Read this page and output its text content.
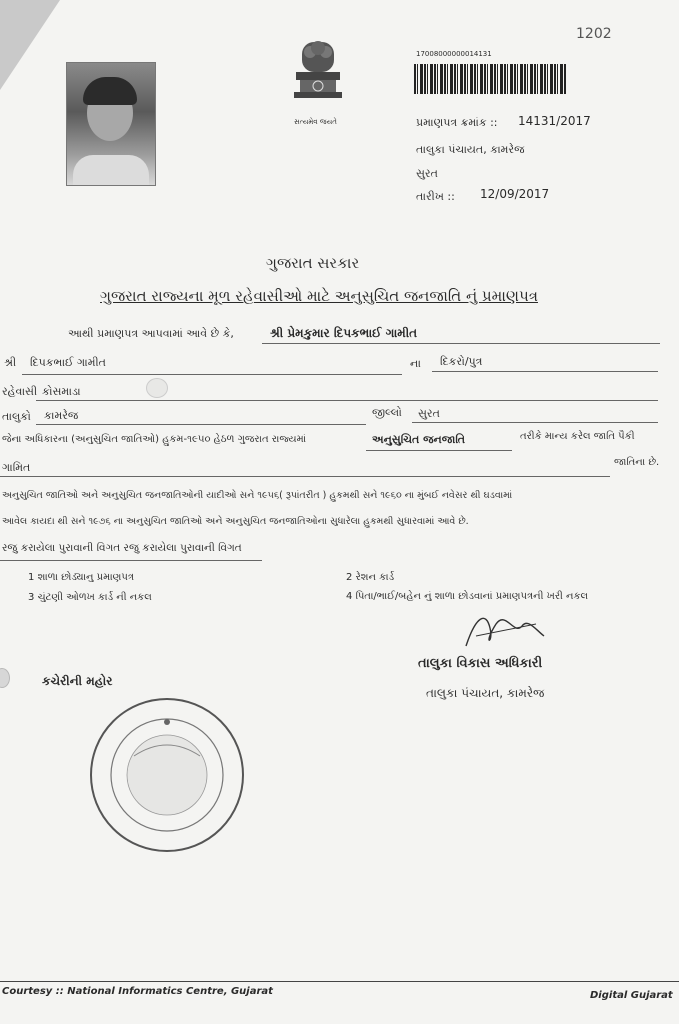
સત્યમેવ જયતે
1202
17008000000014131
પ્રમાણપત્ર ક્રમાંક :: 14131/2017
તાલુકા પંચાયત, કામરેજ
સુરત
તારીખ :: 12/09/2017
ગુજરાત સરકાર
ગુજરાત રાજ્યના મૂળ રહેવાસીઓ માટે અનુસુચિત જનજાતિ નું પ્રમાણપત્ર
આથી પ્રમાણપત્ર આપવામાં આવે છે કે,	શ્રી પ્રેમકુમાર દિપકભાઈ ગામીત
શ્રી દિપકભાઈ ગામીત	ના દિકરો/પુત્ર
રહેવાસી કોસમાડા
તાલુકો કામરેજ	જીલ્લો સુરત
જેના અધિકારના (અનુસુચિત જાતિઓ) હુકમ-૧૯૫૦ હેઠળ ગુજરાત રાજ્યમાં	અનુસુચિત જનજાતિ	તરીકે માન્ય કરેલ જાતિ પૈકી
ગામિત	જાતિના છે.
અનુસુચિત જાતિઓ અને અનુસુચિત જનજાતિઓની યાદીઓ સને ૧૯૫૬( રૂપાંતરીત ) હુકમથી સને ૧૯૬૦ ના મુંબઈ નવેસર થી ઘડવામાં
આવેલ કાયદા થી સને ૧૯૭૬ ના અનુસુચિત જાતિઓ અને અનુસુચિત જનજાતિઓના સુધારેલા હુકમથી સુધારવામાં આવે છે.
રજુ કરાયેલા પુરાવાની વિગત રજુ કરાયેલા પુરાવાની વિગત
1 શાળા છોડ્યાનુ પ્રમાણપત્ર	2 રેશન કાર્ડ
3 ચુંટણી ઓળખ કાર્ડ ની નકલ	4 પિતા/ભાઈ/બહેન નું શાળા છોડવાનાં પ્રમાણપત્રની ખરી નકલ
તાલુકા વિકાસ અધિકારી
તાલુકા પંચાયત, કામરેજ
કચેરીની મહોર
Courtesy :: National Informatics Centre, Gujarat	Digital Gujarat
